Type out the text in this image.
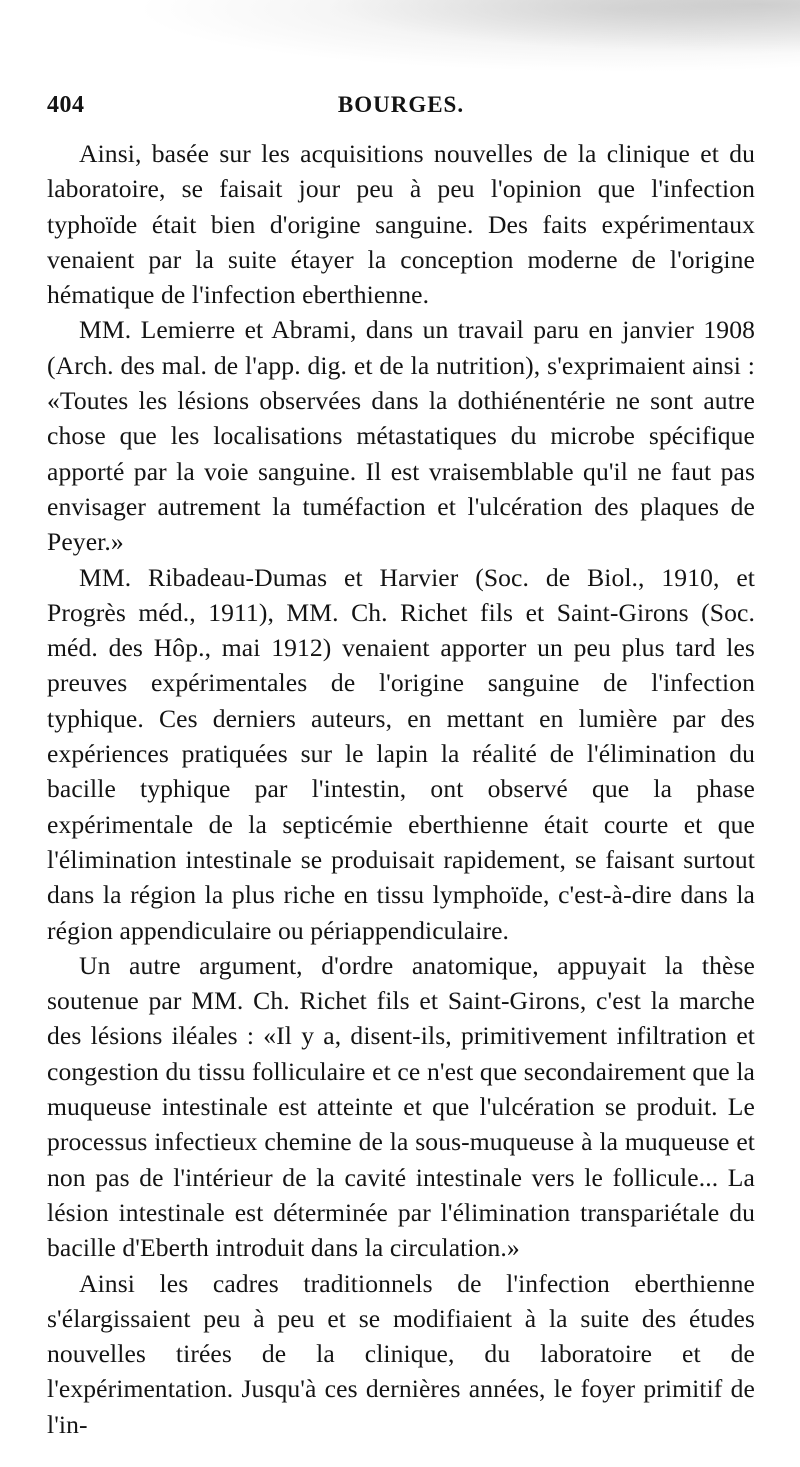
404	BOURGES.

Ainsi, basée sur les acquisitions nouvelles de la clinique et du laboratoire, se faisait jour peu à peu l'opinion que l'infection typhoïde était bien d'origine sanguine. Des faits expérimentaux venaient par la suite étayer la conception moderne de l'origine hématique de l'infection eberthienne.

MM. Lemierre et Abrami, dans un travail paru en janvier 1908 (Arch. des mal. de l'app. dig. et de la nutrition), s'exprimaient ainsi : «Toutes les lésions observées dans la dothiénentérie ne sont autre chose que les localisations métastatiques du microbe spécifique apporté par la voie sanguine. Il est vraisemblable qu'il ne faut pas envisager autrement la tuméfaction et l'ulcération des plaques de Peyer.»

MM. Ribadeau-Dumas et Harvier (Soc. de Biol., 1910, et Progrès méd., 1911), MM. Ch. Richet fils et Saint-Girons (Soc. méd. des Hôp., mai 1912) venaient apporter un peu plus tard les preuves expérimentales de l'origine sanguine de l'infection typhique. Ces derniers auteurs, en mettant en lumière par des expériences pratiquées sur le lapin la réalité de l'élimination du bacille typhique par l'intestin, ont observé que la phase expérimentale de la septicémie eberthienne était courte et que l'élimination intestinale se produisait rapidement, se faisant surtout dans la région la plus riche en tissu lymphoïde, c'est-à-dire dans la région appendiculaire ou périappendiculaire.

Un autre argument, d'ordre anatomique, appuyait la thèse soutenue par MM. Ch. Richet fils et Saint-Girons, c'est la marche des lésions iléales : «Il y a, disent-ils, primitivement infiltration et congestion du tissu folliculaire et ce n'est que secondairement que la muqueuse intestinale est atteinte et que l'ulcération se produit. Le processus infectieux chemine de la sous-muqueuse à la muqueuse et non pas de l'intérieur de la cavité intestinale vers le follicule... La lésion intestinale est déterminée par l'élimination transpariétale du bacille d'Eberth introduit dans la circulation.»

Ainsi les cadres traditionnels de l'infection eberthienne s'élargissaient peu à peu et se modifiaient à la suite des études nouvelles tirées de la clinique, du laboratoire et de l'expérimentation. Jusqu'à ces dernières années, le foyer primitif de l'in-
